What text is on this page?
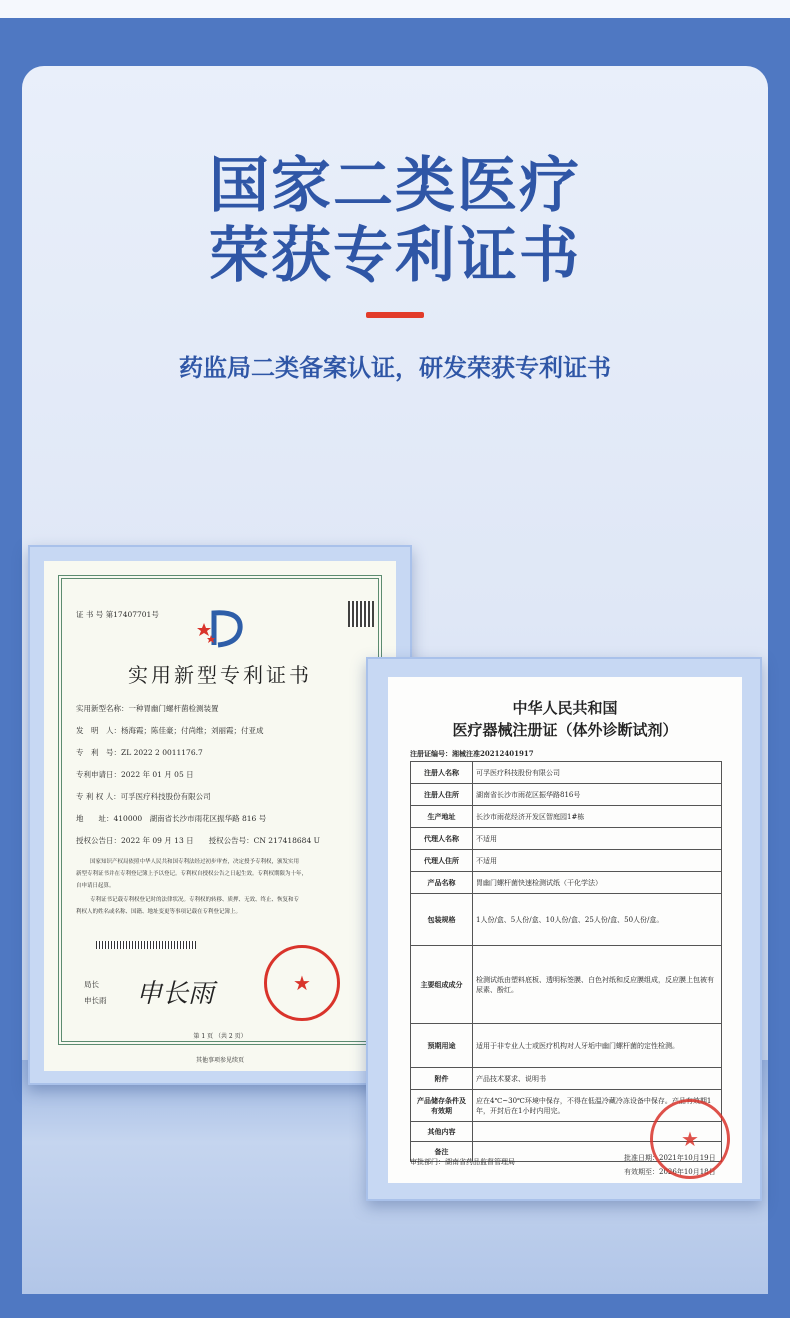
国家二类医疗
荣获专利证书
药监局二类备案认证，研发荣获专利证书
证 书 号 第17407701号
实用新型专利证书
实用新型名称：一种胃幽门螺杆菌检测装置
发　明　人：杨海霞；陈佳豪；付尚维；刘丽霞；付亚成
专　利　号：ZL 2022 2 0011176.7
专利申请日：2022 年 01 月 05 日
专 利 权 人：可孚医疗科技股份有限公司
地　　址：410000　湖南省长沙市雨花区振华路 816 号
授权公告日：2022 年 09 月 13 日　　授权公告号：CN 217418684 U
国家知识产权局依照中华人民共和国专利法经过初步审查，决定授予专利权，颁发实用
新型专利证书并在专利登记簿上予以登记。专利权自授权公告之日起生效。专利权期限为十年，
自申请日起算。
专利证书记载专利权登记时的法律状况。专利权的转移、质押、无效、终止、恢复和专
利权人的姓名或名称、国籍、地址变更等事项记载在专利登记簿上。
局长
申长雨 申长雨	★
第 1 页 （共 2 页）
其他事项参见续页
中华人民共和国
医疗器械注册证（体外诊断试剂）
注册证编号：湘械注准20212401917
注册人名称	可孚医疗科技股份有限公司
注册人住所	湖南省长沙市雨花区振华路816号
生产地址	长沙市雨花经济开发区智庭园1#栋
代理人名称	不适用
代理人住所	不适用
产品名称	胃幽门螺杆菌快速检测试纸（干化学法）
包装规格	1人份/盒、5人份/盒、10人份/盒、25人份/盒、50人份/盒。
主要组成成分	检测试纸由塑料底板、透明标签膜、白色衬纸和反应膜组成，反应膜上包被有尿素、酚红。
预期用途	适用于非专业人士或医疗机构对人牙垢中幽门螺杆菌的定性检测。
附件	产品技术要求、说明书
产品储存条件及有效期	应在4℃~30℃环境中保存，不得在低温冷藏冷冻设备中保存。产品有效期1年，开封后在1小时内用完。
其他内容	
备注	
审批部门：湖南省药品监督管理局	批准日期：2021年10月19日
有效期至：2026年10月18日
★
